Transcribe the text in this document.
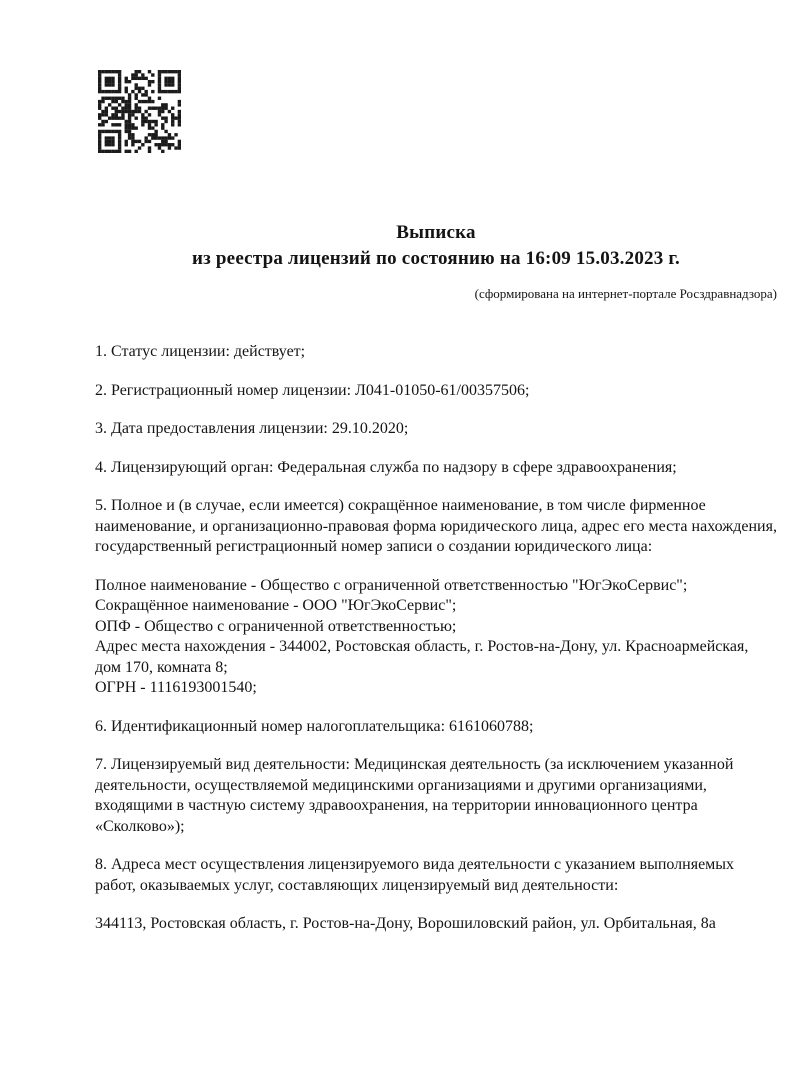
Выписка
из реестра лицензий по состоянию на 16:09 15.03.2023 г.
(сформирована на интернет-портале Росздравнадзора)

1. Статус лицензии: действует;

2. Регистрационный номер лицензии: Л041-01050-61/00357506;

3. Дата предоставления лицензии: 29.10.2020;

4. Лицензирующий орган: Федеральная служба по надзору в сфере здравоохранения;

5. Полное и (в случае, если имеется) сокращённое наименование, в том числе фирменное наименование, и организационно-правовая форма юридического лица, адрес его места нахождения, государственный регистрационный номер записи о создании юридического лица:

Полное наименование - Общество с ограниченной ответственностью "ЮгЭкоСервис";
Сокращённое наименование - ООО "ЮгЭкоСервис";
ОПФ - Общество с ограниченной ответственностью;
Адрес места нахождения - 344002, Ростовская область, г. Ростов-на-Дону, ул. Красноармейская, дом 170, комната 8;
ОГРН - 1116193001540;

6. Идентификационный номер налогоплательщика: 6161060788;

7. Лицензируемый вид деятельности: Медицинская деятельность (за исключением указанной деятельности, осуществляемой медицинскими организациями и другими организациями, входящими в частную систему здравоохранения, на территории инновационного центра «Сколково»);

8. Адреса мест осуществления лицензируемого вида деятельности с указанием выполняемых работ, оказываемых услуг, составляющих лицензируемый вид деятельности:

344113, Ростовская область, г. Ростов-на-Дону, Ворошиловский район, ул. Орбитальная, 8а
